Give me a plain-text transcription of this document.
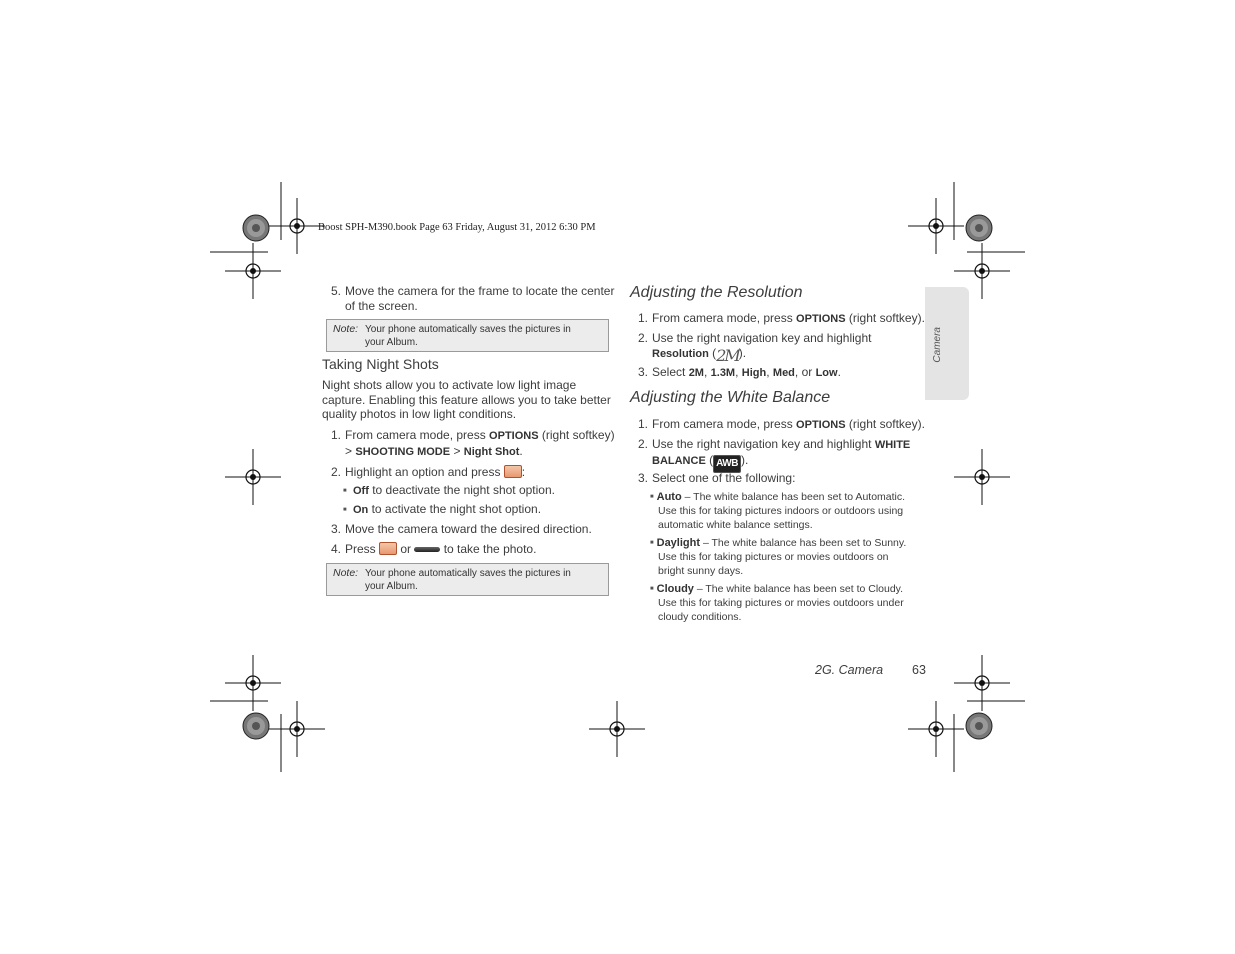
Boost SPH-M390.book Page 63 Friday, August 31, 2012 6:30 PM
Camera
5. Move the camera for the frame to locate the center of the screen.
Note: Your phone automatically saves the pictures in your Album.
Taking Night Shots
Night shots allow you to activate low light image capture. Enabling this feature allows you to take better quality photos in low light conditions.
1. From camera mode, press OPTIONS (right softkey)
> SHOOTING MODE > Night Shot.
2. Highlight an option and press :
■ Off to deactivate the night shot option.
■ On to activate the night shot option.
3. Move the camera toward the desired direction.
4. Press  or  to take the photo.
Note: Your phone automatically saves the pictures in your Album.
Adjusting the Resolution
1. From camera mode, press OPTIONS (right softkey).
2. Use the right navigation key and highlight
Resolution (2M).
3. Select 2M, 1.3M, High, Med, or Low.
Adjusting the White Balance
1. From camera mode, press OPTIONS (right softkey).
2. Use the right navigation key and highlight WHITE
BALANCE ( AWB ).
3. Select one of the following:
■ Auto – The white balance has been set to Automatic.
Use this for taking pictures indoors or outdoors using
automatic white balance settings.
■ Daylight – The white balance has been set to Sunny.
Use this for taking pictures or movies outdoors on
bright sunny days.
■ Cloudy – The white balance has been set to Cloudy.
Use this for taking pictures or movies outdoors under
cloudy conditions.
2G. Camera 63
